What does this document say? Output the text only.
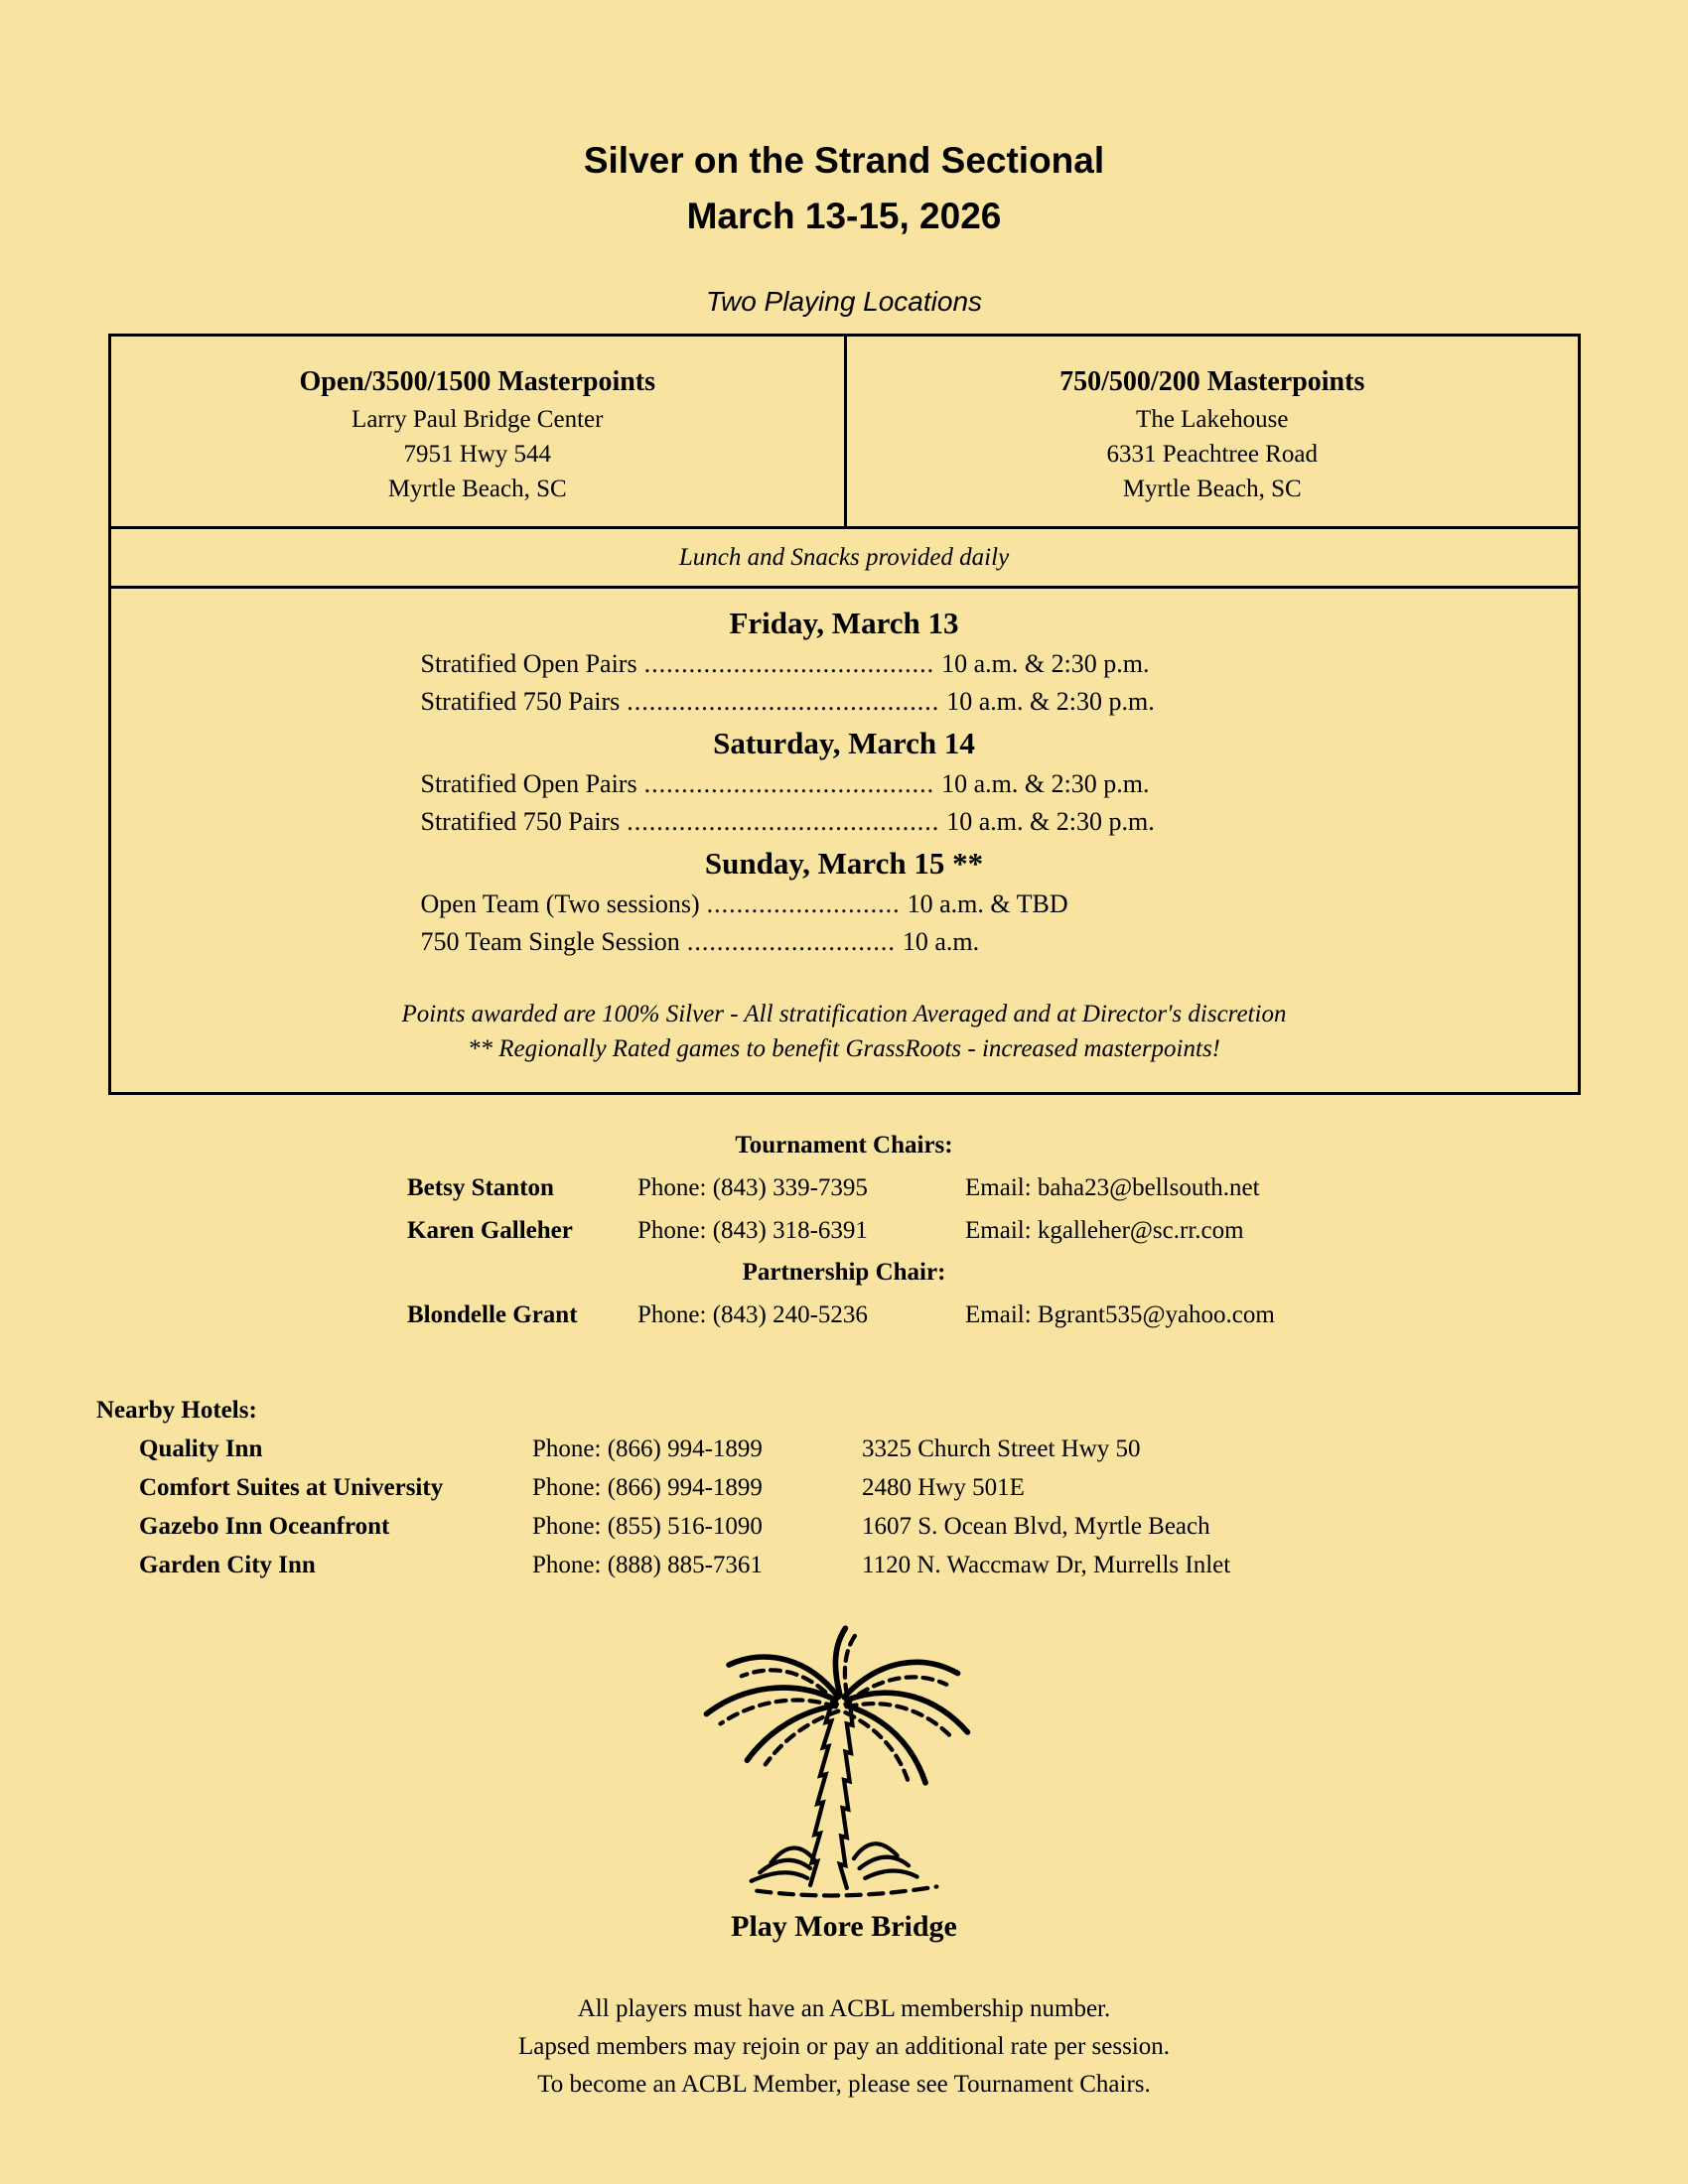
Silver on the Strand Sectional
March 13-15, 2026
Two Playing Locations
Open/3500/1500 Masterpoints
Larry Paul Bridge Center
7951 Hwy 544
Myrtle Beach, SC
750/500/200 Masterpoints
The Lakehouse
6331 Peachtree Road
Myrtle Beach, SC
Lunch and Snacks provided daily
Friday, March 13
Stratified Open Pairs ....................................... 10 a.m. & 2:30 p.m.
Stratified 750 Pairs .......................................... 10 a.m. & 2:30 p.m.
Saturday, March 14
Stratified Open Pairs ....................................... 10 a.m. & 2:30 p.m.
Stratified 750 Pairs .......................................... 10 a.m. & 2:30 p.m.
Sunday, March 15 **
Open Team (Two sessions) .......................... 10 a.m. & TBD
750 Team Single Session ............................ 10 a.m.
Points awarded are 100% Silver - All stratification Averaged and at Director's discretion
** Regionally Rated games to benefit GrassRoots - increased masterpoints!
Tournament Chairs:
Betsy Stanton	Phone: (843) 339-7395	Email: baha23@bellsouth.net
Karen Galleher	Phone: (843) 318-6391	Email: kgalleher@sc.rr.com
Partnership Chair:
Blondelle Grant	Phone: (843) 240-5236	Email: Bgrant535@yahoo.com
Nearby Hotels:
Quality Inn	Phone: (866) 994-1899	3325 Church Street Hwy 50
Comfort Suites at University	Phone: (866) 994-1899	2480 Hwy 501E
Gazebo Inn Oceanfront	Phone: (855) 516-1090	1607 S. Ocean Blvd, Myrtle Beach
Garden City Inn	Phone: (888) 885-7361	1120 N. Waccmaw Dr, Murrells Inlet
Play More Bridge
All players must have an ACBL membership number.
Lapsed members may rejoin or pay an additional rate per session.
To become an ACBL Member, please see Tournament Chairs.
